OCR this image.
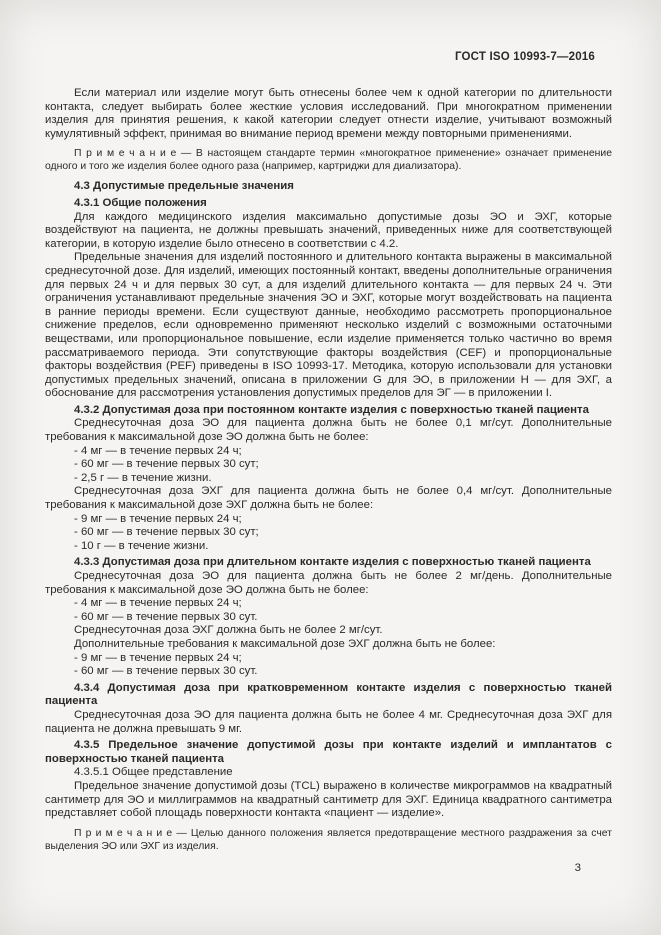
ГОСТ ISO 10993-7—2016

Если материал или изделие могут быть отнесены более чем к одной категории по длительности контакта, следует выбирать более жесткие условия исследований. При многократном применении изделия для принятия решения, к какой категории следует отнести изделие, учитывают возможный кумулятивный эффект, принимая во внимание период времени между повторными применениями.

П р и м е ч а н и е — В настоящем стандарте термин «многократное применение» означает применение одного и того же изделия более одного раза (например, картриджи для диализатора).

4.3 Допустимые предельные значения

4.3.1 Общие положения

Для каждого медицинского изделия максимально допустимые дозы ЭО и ЭХГ, которые воздействуют на пациента, не должны превышать значений, приведенных ниже для соответствующей категории, в которую изделие было отнесено в соответствии с 4.2.

Предельные значения для изделий постоянного и длительного контакта выражены в максимальной среднесуточной дозе. Для изделий, имеющих постоянный контакт, введены дополнительные ограничения для первых 24 ч и для первых 30 сут, а для изделий длительного контакта — для первых 24 ч. Эти ограничения устанавливают предельные значения ЭО и ЭХГ, которые могут воздействовать на пациента в ранние периоды времени. Если существуют данные, необходимо рассмотреть пропорциональное снижение пределов, если одновременно применяют несколько изделий с возможными остаточными веществами, или пропорциональное повышение, если изделие применяется только частично во время рассматриваемого периода. Эти сопутствующие факторы воздействия (CEF) и пропорциональные факторы воздействия (PEF) приведены в ISO 10993-17. Методика, которую использовали для установки допустимых предельных значений, описана в приложении G для ЭО, в приложении H — для ЭХГ, а обоснование для рассмотрения установления допустимых пределов для ЭГ — в приложении I.

4.3.2 Допустимая доза при постоянном контакте изделия с поверхностью тканей пациента

Среднесуточная доза ЭО для пациента должна быть не более 0,1 мг/сут. Дополнительные требования к максимальной дозе ЭО должна быть не более:

- 4 мг — в течение первых 24 ч;

- 60 мг — в течение первых 30 сут;

- 2,5 г — в течение жизни.

Среднесуточная доза ЭХГ для пациента должна быть не более 0,4 мг/сут. Дополнительные требования к максимальной дозе ЭХГ должна быть не более:

- 9 мг — в течение первых 24 ч;

- 60 мг — в течение первых 30 сут;

- 10 г — в течение жизни.

4.3.3 Допустимая доза при длительном контакте изделия с поверхностью тканей пациента

Среднесуточная доза ЭО для пациента должна быть не более 2 мг/день. Дополнительные требования к максимальной дозе ЭО должна быть не более:

- 4 мг — в течение первых 24 ч;

- 60 мг — в течение первых 30 сут.

Среднесуточная доза ЭХГ должна быть не более 2 мг/сут.

Дополнительные требования к максимальной дозе ЭХГ должна быть не более:

- 9 мг — в течение первых 24 ч;

- 60 мг — в течение первых 30 сут.

4.3.4 Допустимая доза при кратковременном контакте изделия с поверхностью тканей пациента

Среднесуточная доза ЭО для пациента должна быть не более 4 мг. Среднесуточная доза ЭХГ для пациента не должна превышать 9 мг.

4.3.5 Предельное значение допустимой дозы при контакте изделий и имплантатов с поверхностью тканей пациента

4.3.5.1 Общее представление

Предельное значение допустимой дозы (TCL) выражено в количестве микрограммов на квадратный сантиметр для ЭО и миллиграммов на квадратный сантиметр для ЭХГ. Единица квадратного сантиметра представляет собой площадь поверхности контакта «пациент — изделие».

П р и м е ч а н и е — Целью данного положения является предотвращение местного раздражения за счет выделения ЭО или ЭХГ из изделия.

3
